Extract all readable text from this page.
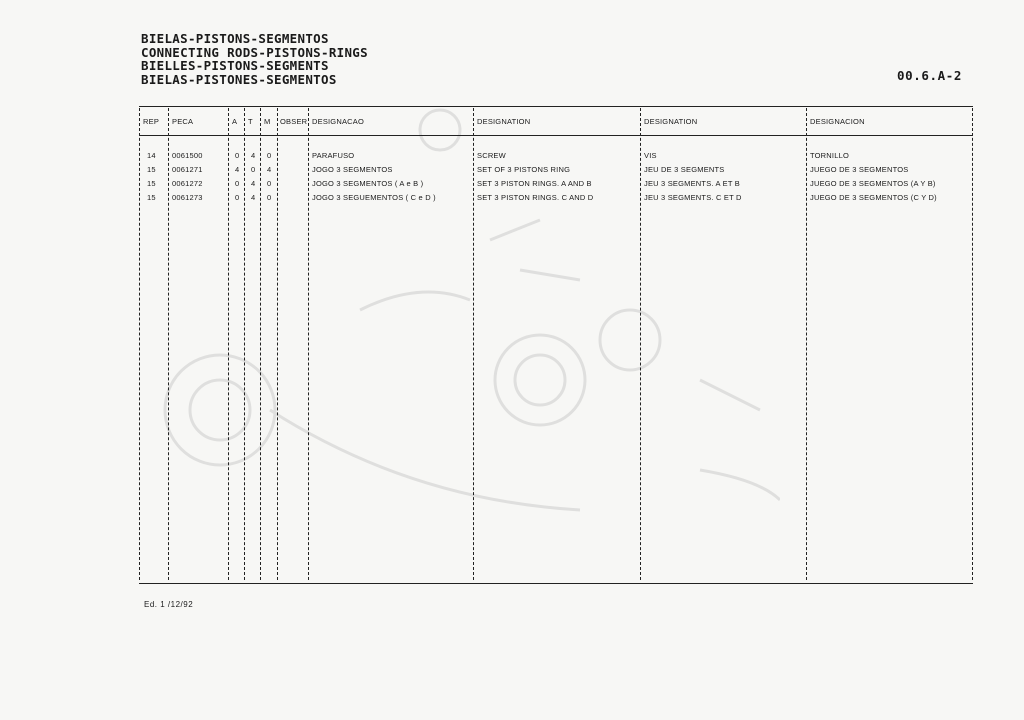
BIELAS-PISTONS-SEGMENTOS
CONNECTING RODS-PISTONS-RINGS
BIELLES-PISTONS-SEGMENTS
BIELAS-PISTONES-SEGMENTOS	00.6.A-2
REP PECA	A T M OBSER DESIGNACAO	DESIGNATION	DESIGNATION	DESIGNACION
14 0061500	0 4 0	PARAFUSO	SCREW	VIS	TORNILLO
15 0061271	4 0 4	JOGO 3 SEGMENTOS	SET OF 3 PISTONS RING	JEU DE 3 SEGMENTS	JUEGO DE 3 SEGMENTOS
15 0061272	0 4 0	JOGO 3 SEGMENTOS ( A e B )	SET 3 PISTON RINGS. A AND B	JEU 3 SEGMENTS. A ET B	JUEGO DE 3 SEGMENTOS (A Y B)
15 0061273	0 4 0	JOGO 3 SEGUEMENTOS ( C e D )	SET 3 PISTON RINGS. C AND D	JEU 3 SEGMENTS. C ET D	JUEGO DE 3 SEGMENTOS (C Y D)
Ed. 1 /12/92
